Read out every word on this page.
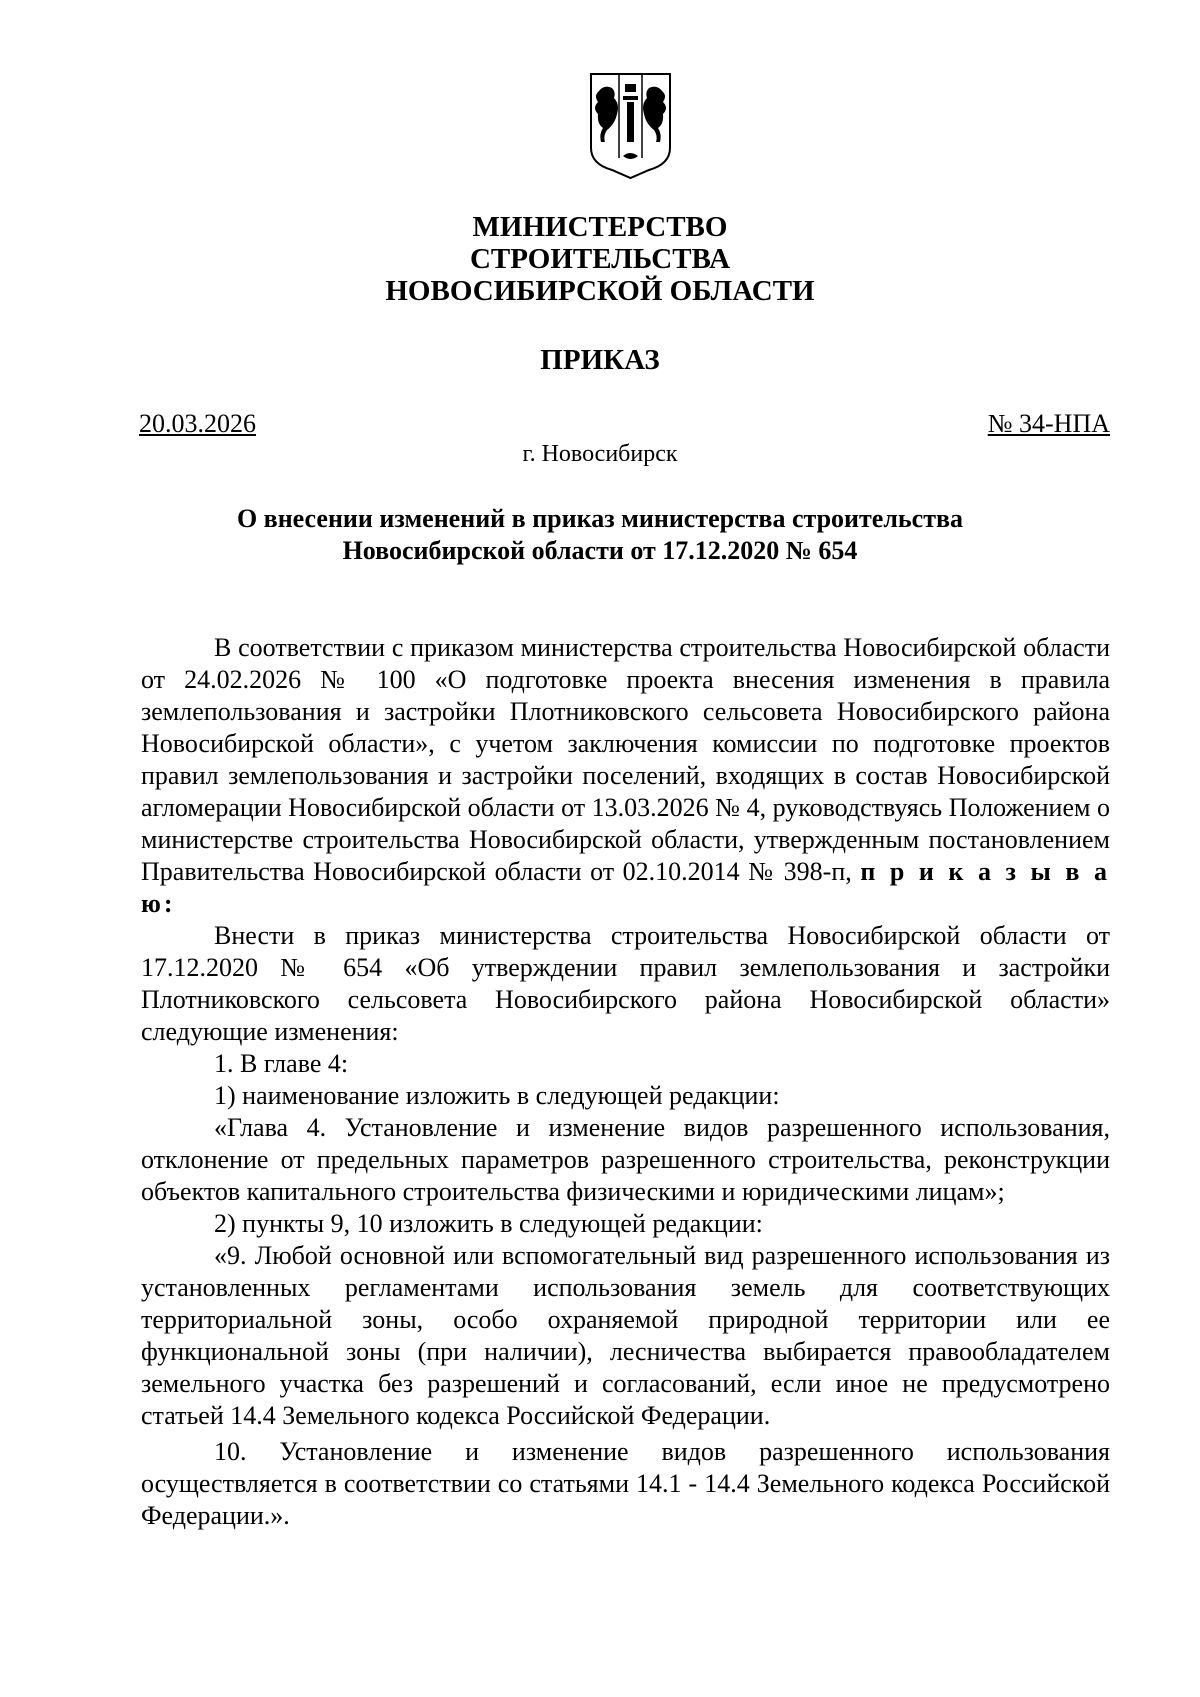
МИНИСТЕРСТВО
СТРОИТЕЛЬСТВА
НОВОСИБИРСКОЙ ОБЛАСТИ
ПРИКАЗ
20.03.2026	№ 34-НПА
г. Новосибирск
О внесении изменений в приказ министерства строительства
Новосибирской области от 17.12.2020 № 654

В соответствии с приказом министерства строительства Новосибирской области от 24.02.2026 № 100 «О подготовке проекта внесения изменения в правила землепользования и застройки Плотниковского сельсовета Новосибирского района Новосибирской области», с учетом заключения комиссии по подготовке проектов правил землепользования и застройки поселений, входящих в состав Новосибирской агломерации Новосибирской области от 13.03.2026 № 4, руководствуясь Положением о министерстве строительства Новосибирской области, утвержденным постановлением Правительства Новосибирской области от 02.10.2014 № 398-п, п р и к а з ы в а ю:

Внести в приказ министерства строительства Новосибирской области от 17.12.2020 № 654 «Об утверждении правил землепользования и застройки Плотниковского сельсовета Новосибирского района Новосибирской области» следующие изменения:

1. В главе 4:

1) наименование изложить в следующей редакции:

«Глава 4. Установление и изменение видов разрешенного использования, отклонение от предельных параметров разрешенного строительства, реконструкции объектов капитального строительства физическими и юридическими лицам»;

2) пункты 9, 10 изложить в следующей редакции:

«9. Любой основной или вспомогательный вид разрешенного использования из установленных регламентами использования земель для соответствующих территориальной зоны, особо охраняемой природной территории или ее функциональной зоны (при наличии), лесничества выбирается правообладателем земельного участка без разрешений и согласований, если иное не предусмотрено статьей 14.4 Земельного кодекса Российской Федерации.

10. Установление и изменение видов разрешенного использования осуществляется в соответствии со статьями 14.1 - 14.4 Земельного кодекса Российской Федерации.».
